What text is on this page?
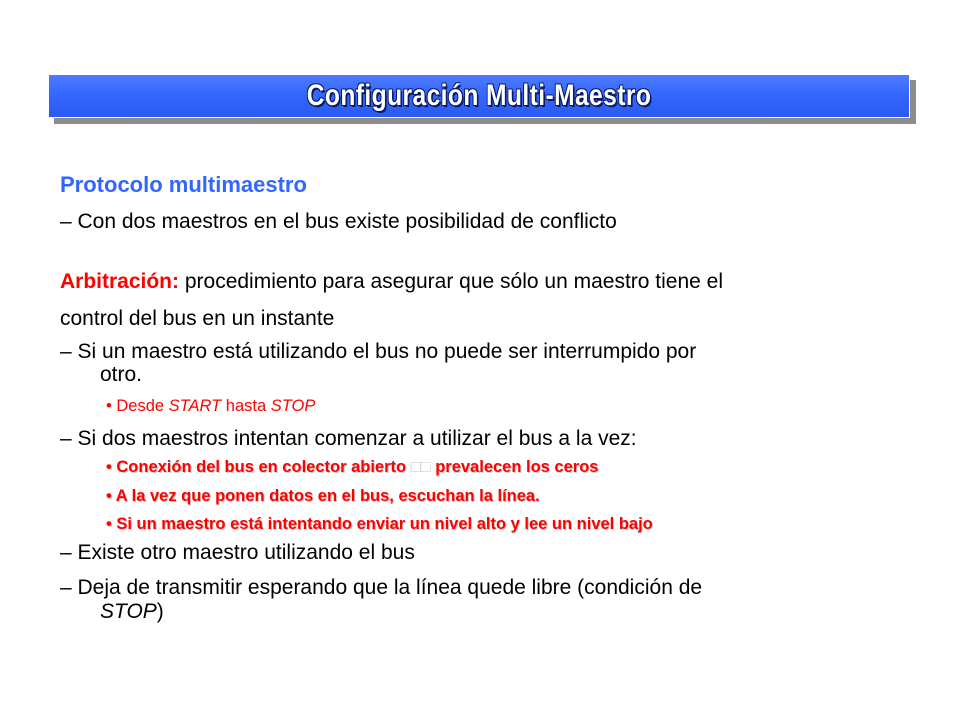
Configuración Multi-Maestro
Protocolo multimaestro
– Con dos maestros en el bus existe posibilidad de conflicto
Arbitración: procedimiento para asegurar que sólo un maestro tiene el
control del bus en un instante
– Si un maestro está utilizando el bus no puede ser interrumpido por
otro.
• Desde START hasta STOP
– Si dos maestros intentan comenzar a utilizar el bus a la vez:
• Conexión del bus en colector abierto □□ prevalecen los ceros
• A la vez que ponen datos en el bus, escuchan la línea.
• Si un maestro está intentando enviar un nivel alto y lee un nivel bajo
– Existe otro maestro utilizando el bus
– Deja de transmitir esperando que la línea quede libre (condición de
STOP)
